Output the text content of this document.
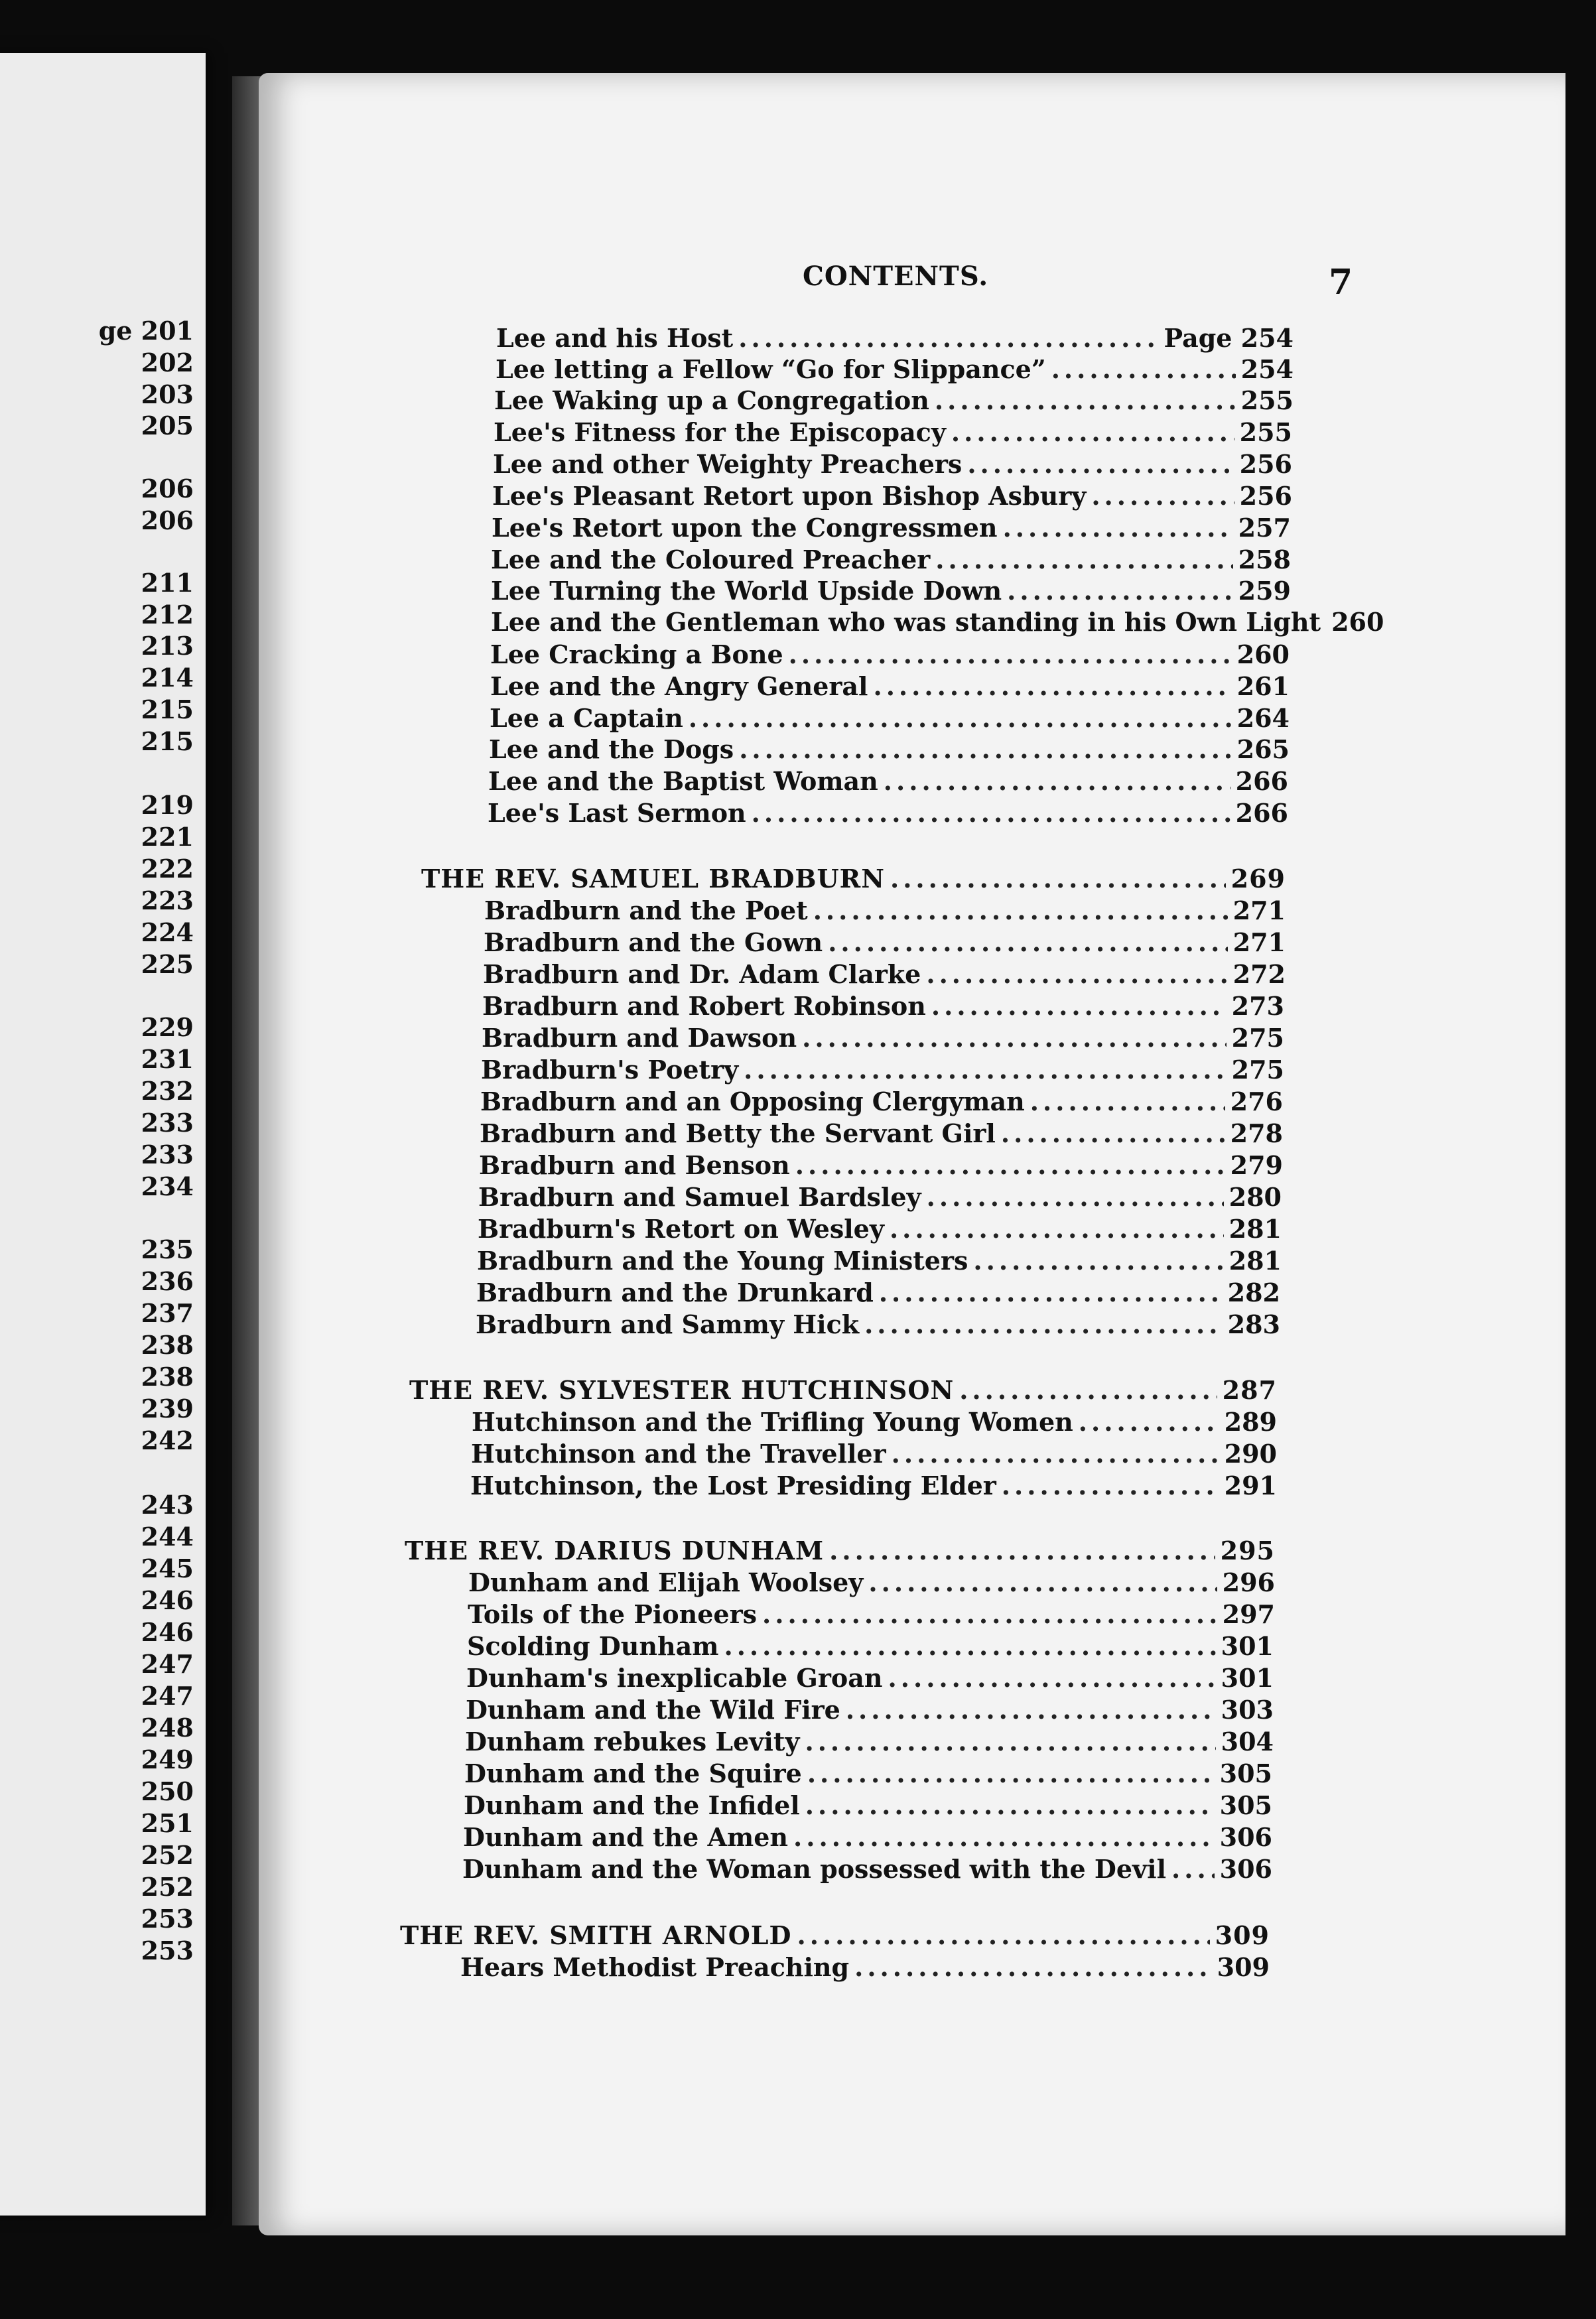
ge 201
202
203
205
206
206
211
212
213
214
215
215
219
221
222
223
224
225
229
231
232
233
233
234
235
236
237
238
238
239
242
243
244
245
246
246
247
247
248
249
250
251
252
252
253
253
CONTENTS.	7
Lee and his Host .....	Page 254
Lee letting a Fellow “Go for Slippance” .....	254
Lee Waking up a Congregation .....	255
Lee's Fitness for the Episcopacy .....	255
Lee and other Weighty Preachers .....	256
Lee's Pleasant Retort upon Bishop Asbury .....	256
Lee's Retort upon the Congressmen .....	257
Lee and the Coloured Preacher .....	258
Lee Turning the World Upside Down .....	259
Lee and the Gentleman who was standing in his Own Light 260
Lee Cracking a Bone .....	260
Lee and the Angry General .....	261
Lee a Captain .....	264
Lee and the Dogs .....	265
Lee and the Baptist Woman .....	266
Lee's Last Sermon .....	266
THE REV. SAMUEL BRADBURN .....	269
Bradburn and the Poet .....	271
Bradburn and the Gown .....	271
Bradburn and Dr. Adam Clarke .....	272
Bradburn and Robert Robinson .....	273
Bradburn and Dawson .....	275
Bradburn's Poetry .....	275
Bradburn and an Opposing Clergyman .....	276
Bradburn and Betty the Servant Girl .....	278
Bradburn and Benson .....	279
Bradburn and Samuel Bardsley .....	280
Bradburn's Retort on Wesley .....	281
Bradburn and the Young Ministers .....	281
Bradburn and the Drunkard .....	282
Bradburn and Sammy Hick .....	283
THE REV. SYLVESTER HUTCHINSON .....	287
Hutchinson and the Trifling Young Women .....	289
Hutchinson and the Traveller .....	290
Hutchinson, the Lost Presiding Elder .....	291
THE REV. DARIUS DUNHAM .....	295
Dunham and Elijah Woolsey .....	296
Toils of the Pioneers .....	297
Scolding Dunham .....	301
Dunham's inexplicable Groan .....	301
Dunham and the Wild Fire .....	303
Dunham rebukes Levity .....	304
Dunham and the Squire .....	305
Dunham and the Infidel .....	305
Dunham and the Amen .....	306
Dunham and the Woman possessed with the Devil ..... 306
THE REV. SMITH ARNOLD .....	309
Hears Methodist Preaching .....	309
